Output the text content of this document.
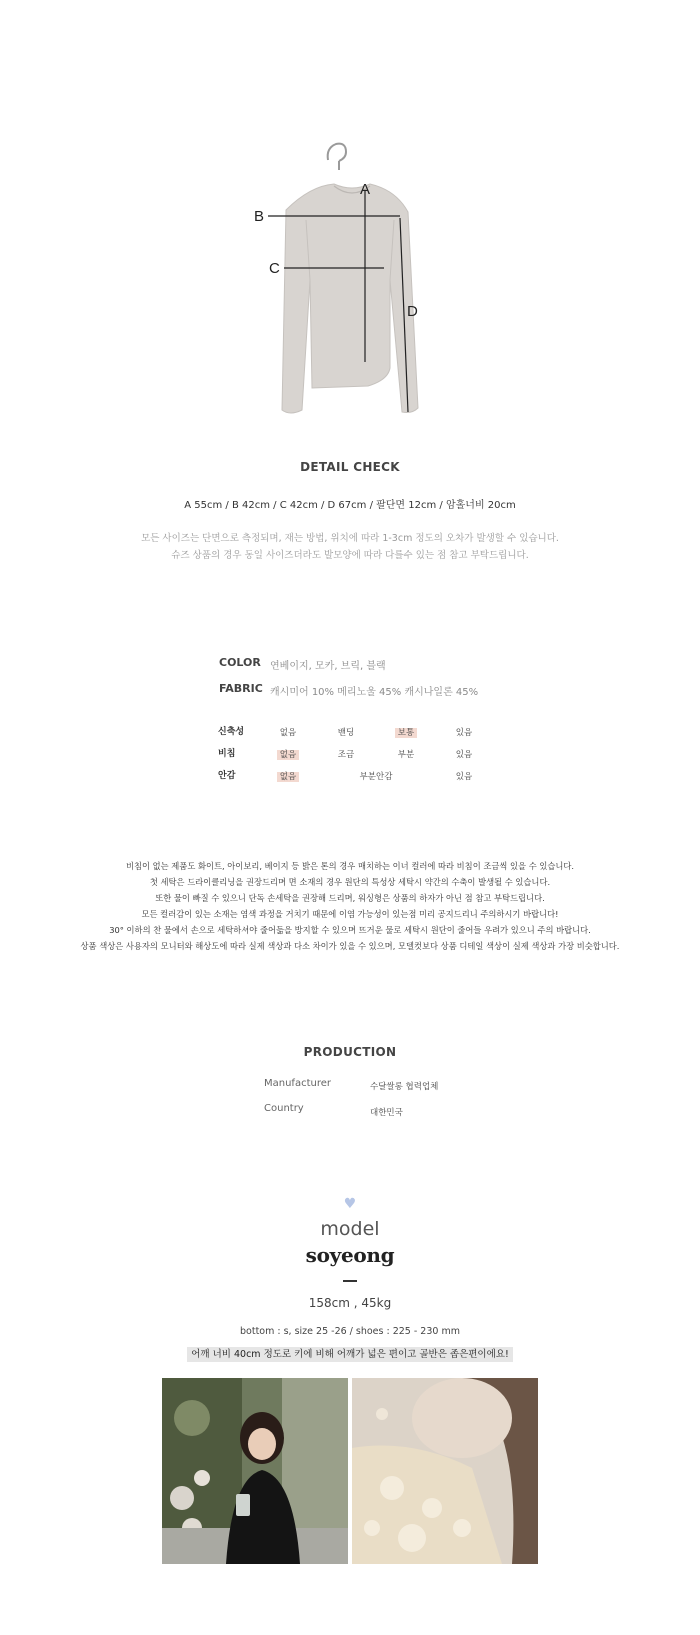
A
B
C
D
DETAIL CHECK
A 55cm / B 42cm / C 42cm / D 67cm / 팔단면 12cm / 암홀너비 20cm
모든 사이즈는 단면으로 측정되며, 재는 방법, 위치에 따라 1-3cm 정도의 오차가 발생할 수 있습니다.
슈즈 상품의 경우 동일 사이즈더라도 발모양에 따라 다를수 있는 점 참고 부탁드립니다.
COLOR 연베이지, 모카, 브릭, 블랙
FABRIC 캐시미어 10% 메리노울 45% 캐시나일론 45%
신축성	없음	밴딩	보통	있음
비침	없음	조금	부분	있음
안감	없음	부분안감	있음
비침이 없는 제품도 화이트, 아이보리, 베이지 등 밝은 톤의 경우 매치하는 이너 컬러에 따라 비침이 조금씩 있을 수 있습니다.
첫 세탁은 드라이클리닝을 권장드리며 면 소재의 경우 원단의 특성상 세탁시 약간의 수축이 발생될 수 있습니다.
또한 물이 빠질 수 있으니 단독 손세탁을 권장해 드리며, 워싱형은 상품의 하자가 아닌 점 참고 부탁드립니다.
모든 컬러감이 있는 소재는 염색 과정을 거치기 때문에 이염 가능성이 있는점 미리 공지드리니 주의하시기 바랍니다!
30° 이하의 찬 물에서 손으로 세탁하셔야 줄어듦을 방지할 수 있으며 뜨거운 물로 세탁시 원단이 줄어들 우려가 있으니 주의 바랍니다.
상품 색상은 사용자의 모니터와 해상도에 따라 실제 색상과 다소 차이가 있을 수 있으며, 모델컷보다 상품 디테일 색상이 실제 색상과 가장 비슷합니다.
PRODUCTION
Manufacturer	수달쌀롱 협력업체
Country	대한민국
♥
model
soyeong
158cm , 45kg
bottom : s, size 25 -26 / shoes : 225 - 230 mm
어깨 너비 40cm 정도로 키에 비해 어깨가 넓은 편이고 골반은 좁은편이에요!
